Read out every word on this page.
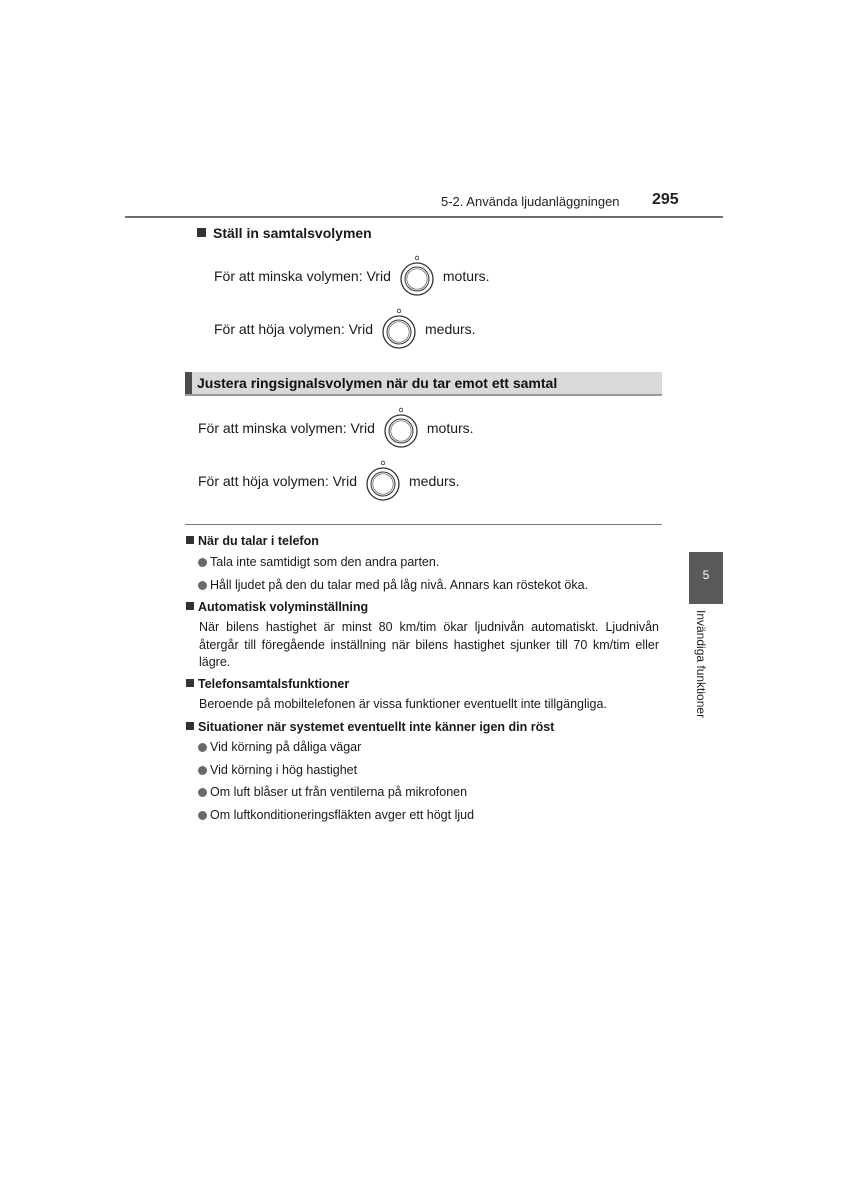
5-2. Använda ljudanläggningen 295
Ställ in samtalsvolymen
För att minska volymen: Vrid	moturs.
För att höja volymen: Vrid	medurs.
Justera ringsignalsvolymen när du tar emot ett samtal
För att minska volymen: Vrid	moturs.
För att höja volymen: Vrid	medurs.
När du talar i telefon
Tala inte samtidigt som den andra parten.
Håll ljudet på den du talar med på låg nivå. Annars kan röstekot öka.
Automatisk volyminställning
När bilens hastighet är minst 80 km/tim ökar ljudnivån automatiskt. Ljudnivån återgår till föregående inställning när bilens hastighet sjunker till 70 km/tim eller lägre.
Telefonsamtalsfunktioner
Beroende på mobiltelefonen är vissa funktioner eventuellt inte tillgängliga.
Situationer när systemet eventuellt inte känner igen din röst
Vid körning på dåliga vägar
Vid körning i hög hastighet
Om luft blåser ut från ventilerna på mikrofonen
Om luftkonditioneringsfläkten avger ett högt ljud
5
Invändiga funktioner
